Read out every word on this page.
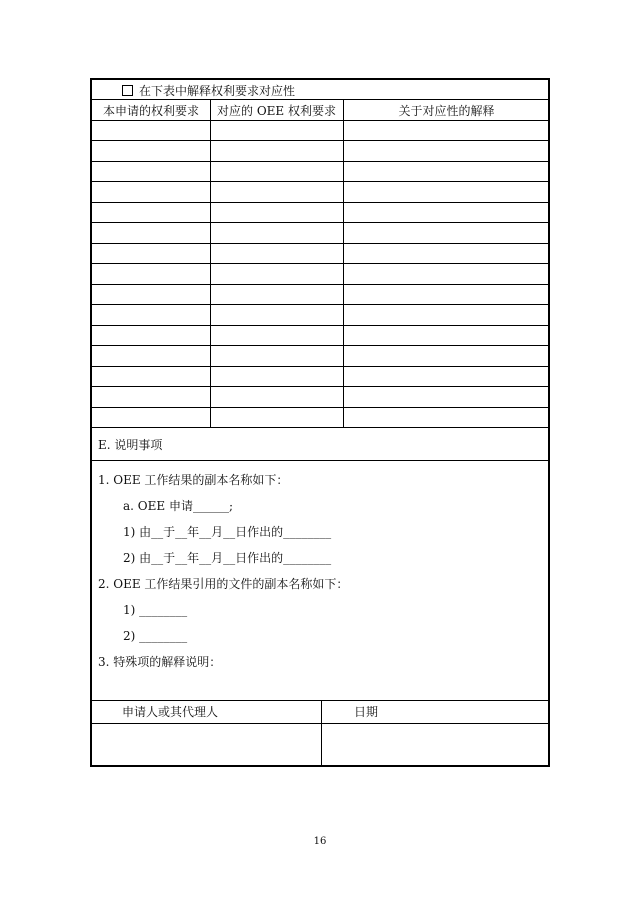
在下表中解释权利要求对应性
本申请的权利要求	对应的 OEE 权利要求	关于对应性的解释
E. 说明事项
1. OEE 工作结果的副本名称如下：
a. OEE 申请______;
1) 由__于__年__月__日作出的________
2) 由__于__年__月__日作出的________
2. OEE 工作结果引用的文件的副本名称如下：
1) ________
2) ________
3. 特殊项的解释说明：
申请人或其代理人	日期
16
